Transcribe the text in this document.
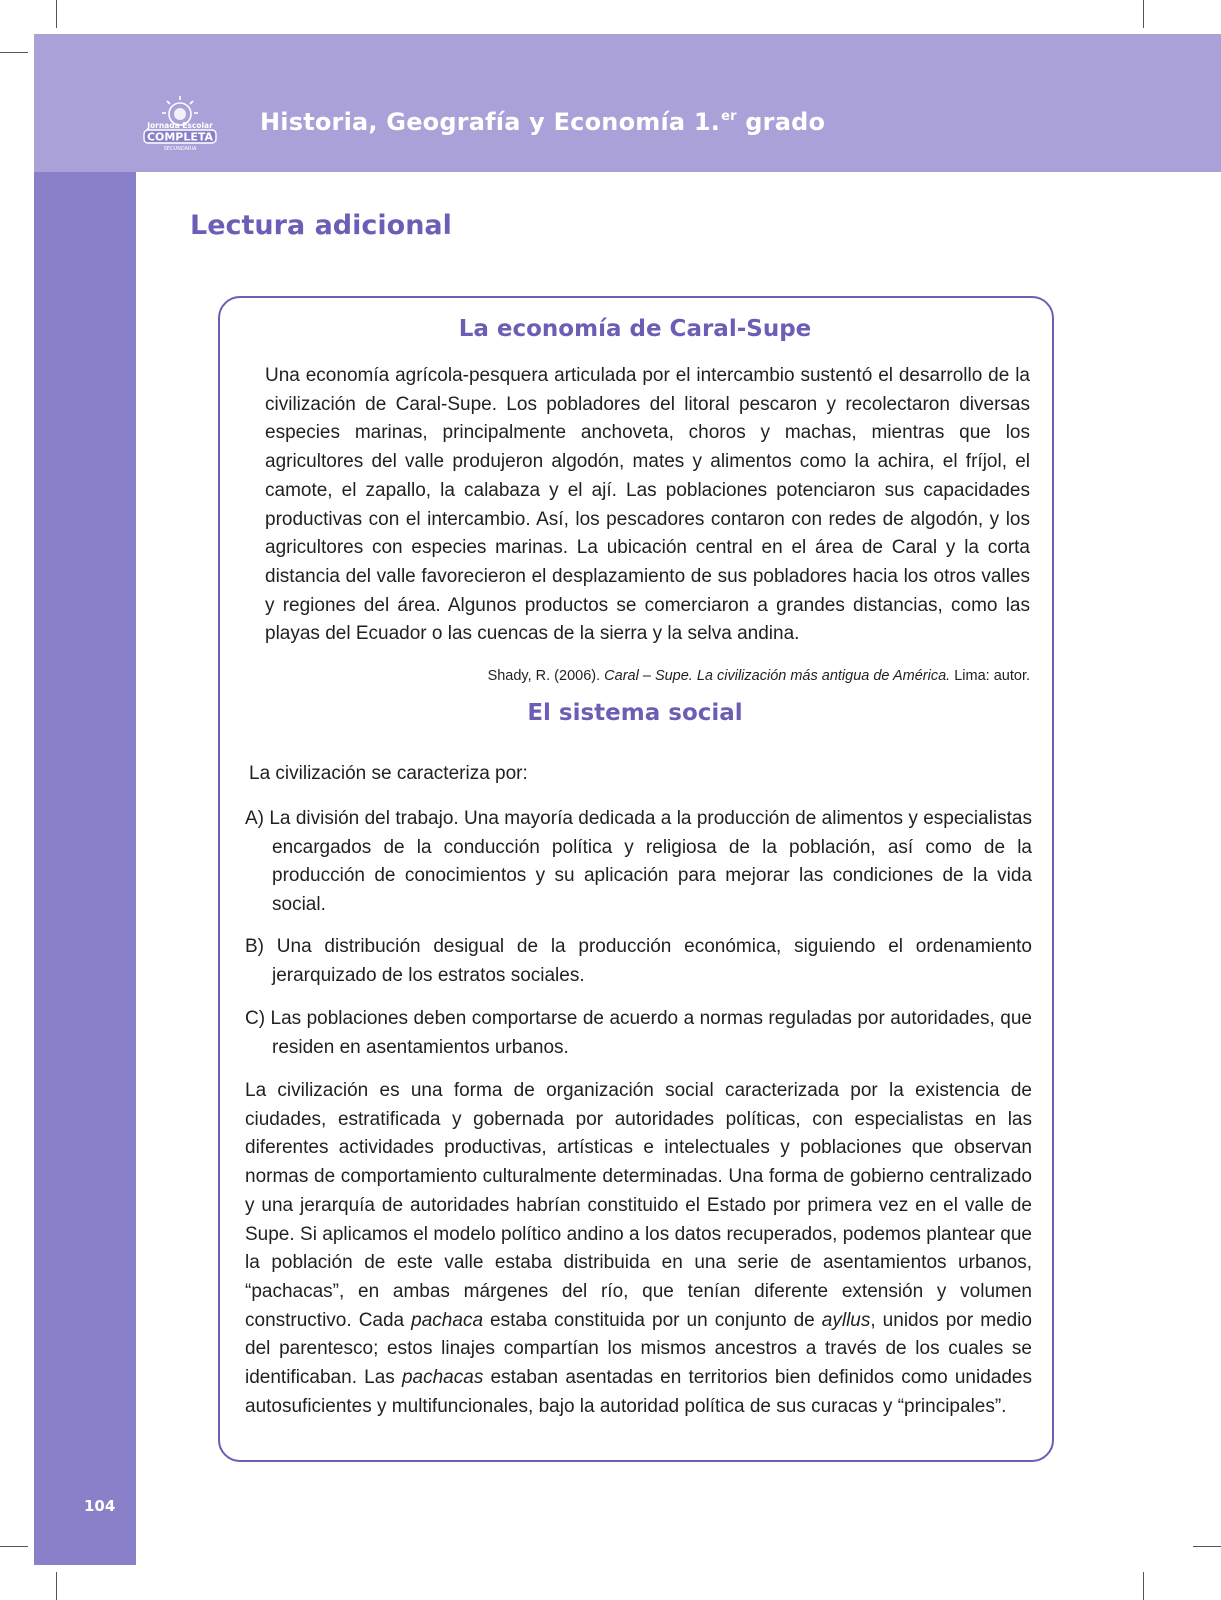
Jornada Escolar
COMPLETA
SECUNDARIA
Historia, Geografía y Economía 1.$^{er}$ grado
Lectura adicional
La economía de Caral-Supe

Una economía agrícola-pesquera articulada por el intercambio sustentó el desarrollo de la civilización de Caral-Supe. Los pobladores del litoral pescaron y recolectaron diversas especies marinas, principalmente anchoveta, choros y machas, mientras que los agricultores del valle produjeron algodón, mates y alimentos como la achira, el fríjol, el camote, el zapallo, la calabaza y el ají. Las poblaciones potenciaron sus capacidades productivas con el intercambio. Así, los pescadores contaron con redes de algodón, y los agricultores con especies marinas. La ubicación central en el área de Caral y la corta distancia del valle favorecieron el desplazamiento de sus pobladores hacia los otros valles y regiones del área. Algunos productos se comerciaron a grandes distancias, como las playas del Ecuador o las cuencas de la sierra y la selva andina.

Shady, R. (2006). Caral – Supe. La civilización más antigua de América. Lima: autor.
El sistema social
La civilización se caracteriza por:
A) La división del trabajo. Una mayoría dedicada a la producción de alimentos y especialistas encargados de la conducción política y religiosa de la población, así como de la producción de conocimientos y su aplicación para mejorar las condiciones de la vida social.
B) Una distribución desigual de la producción económica, siguiendo el ordenamiento jerarquizado de los estratos sociales.
C) Las poblaciones deben comportarse de acuerdo a normas reguladas por autoridades, que residen en asentamientos urbanos.

La civilización es una forma de organización social caracterizada por la existencia de ciudades, estratificada y gobernada por autoridades políticas, con especialistas en las diferentes actividades productivas, artísticas e intelectuales y poblaciones que observan normas de comportamiento culturalmente determinadas. Una forma de gobierno centralizado y una jerarquía de autoridades habrían constituido el Estado por primera vez en el valle de Supe. Si aplicamos el modelo político andino a los datos recuperados, podemos plantear que la población de este valle estaba distribuida en una serie de asentamientos urbanos, “pachacas”, en ambas márgenes del río, que tenían diferente extensión y volumen constructivo. Cada pachaca estaba constituida por un conjunto de ayllus, unidos por medio del parentesco; estos linajes compartían los mismos ancestros a través de los cuales se identificaban. Las pachacas estaban asentadas en territorios bien definidos como unidades autosuficientes y multifuncionales, bajo la autoridad política de sus curacas y “principales”.

104
